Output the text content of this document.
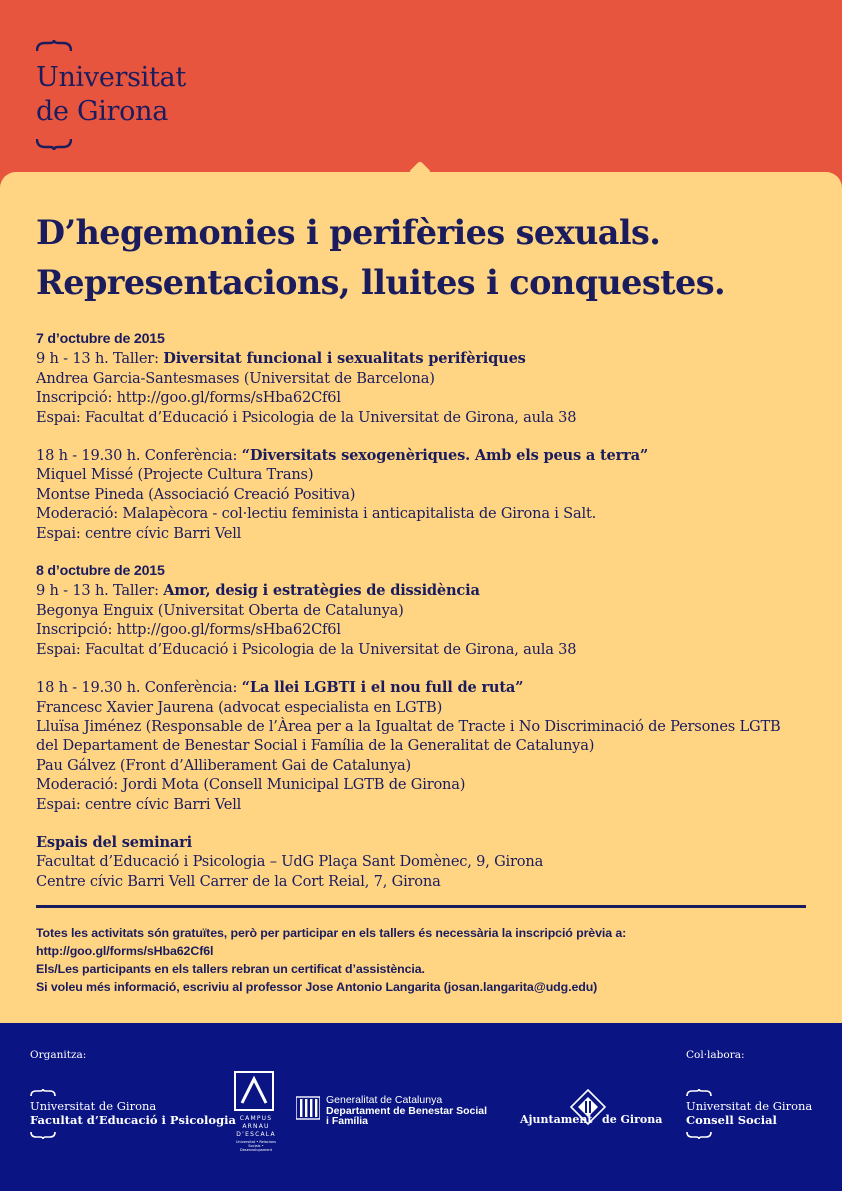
Universitat
de Girona
D’hegemonies i perifèries sexuals.
Representacions, lluites i conquestes.
7 d’octubre de 2015
9 h - 13 h. Taller: Diversitat funcional i sexualitats perifèriques
Andrea Garcia-Santesmases (Universitat de Barcelona)
Inscripció: http://goo.gl/forms/sHba62Cf6l
Espai: Facultat d’Educació i Psicologia de la Universitat de Girona, aula 38
18 h - 19.30 h. Conferència: “Diversitats sexogenèriques. Amb els peus a terra”
Miquel Missé (Projecte Cultura Trans)
Montse Pineda (Associació Creació Positiva)
Moderació: Malapècora - col·lectiu feminista i anticapitalista de Girona i Salt.
Espai: centre cívic Barri Vell
8 d’octubre de 2015
9 h - 13 h. Taller: Amor, desig i estratègies de dissidència
Begonya Enguix (Universitat Oberta de Catalunya)
Inscripció: http://goo.gl/forms/sHba62Cf6l
Espai: Facultat d’Educació i Psicologia de la Universitat de Girona, aula 38
18 h - 19.30 h. Conferència: “La llei LGBTI i el nou full de ruta”
Francesc Xavier Jaurena (advocat especialista en LGTB)
Lluïsa Jiménez (Responsable de l’Àrea per a la Igualtat de Tracte i No Discriminació de Persones LGTB
del Departament de Benestar Social i Família de la Generalitat de Catalunya)
Pau Gálvez (Front d’Alliberament Gai de Catalunya)
Moderació: Jordi Mota (Consell Municipal LGTB de Girona)
Espai: centre cívic Barri Vell
Espais del seminari
Facultat d’Educació i Psicologia – UdG Plaça Sant Domènec, 9, Girona
Centre cívic Barri Vell Carrer de la Cort Reial, 7, Girona
Totes les activitats són gratuïtes, però per participar en els tallers és necessària la inscripció prèvia a:
http://goo.gl/forms/sHba62Cf6l
Els/Les participants en els tallers rebran un certificat d’assistència.
Si voleu més informació, escriviu al professor Jose Antonio Langarita (josan.langarita@udg.edu)
Organitza:	Col·labora:
Universitat de Girona
Facultat d’Educació i Psicologia CAMPUS
ARNAU
D’ESCALA
Universitat • Relacions Socials • Desenvolupament
Generalitat de Catalunya
Departament de Benestar Social
i Família	Ajuntament de Girona
Universitat de Girona
Consell Social
